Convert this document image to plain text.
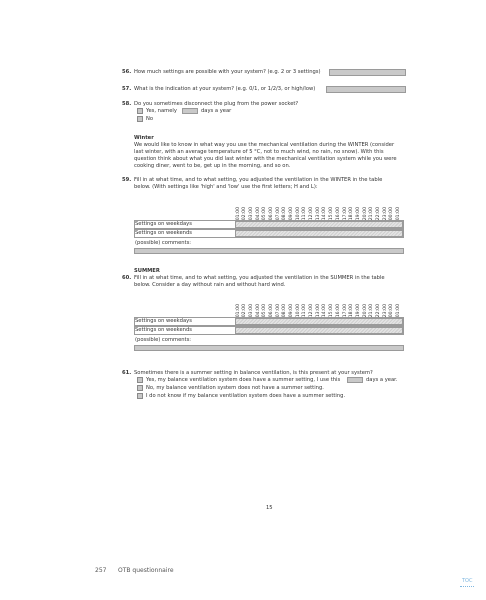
56. How much settings are possible with your system? (e.g. 2 or 3 settings)
57. What is the indication at your system? (e.g. 0/1, or 1/2/3, or high/low)
58. Do you sometimes disconnect the plug from the power socket?
Yes, namely	days a year
No
Winter
We would like to know in what way you use the mechanical ventilation during the WINTER (consider
last winter, with an average temperature of 5 °C, not to much wind, no rain, no snow). With this
question think about what you did last winter with the mechanical ventilation system while you were
cooking diner, went to be, get up in the morning, and so on.
59. Fill in at what time, and to what setting, you adjusted the ventilation in the WINTER in the table
below. (With settings like 'high' and 'low' use the first letters; H and L):
01:00 02:00 03:00 04:00 05:00 06:00 07:00 08:00 09:00 10:00 11:00 12:00 13:00 14:00 15:00 16:00 17:00 18:00 19:00 20:00 21:00 22:00 23:00 00:00 01:00
Settings on weekdays
Settings on weekends
(possible) comments:
SUMMER
60. Fill in at what time, and to what setting, you adjusted the ventilation in the SUMMER in the table
below. Consider a day without rain and without hard wind.
01:00 02:00 03:00 04:00 05:00 06:00 07:00 08:00 09:00 10:00 11:00 12:00 13:00 14:00 15:00 16:00 17:00 18:00 19:00 20:00 21:00 22:00 23:00 00:00 01:00
Settings on weekdays
Settings on weekends
(possible) comments:
61. Sometimes there is a summer setting in balance ventilation, is this present at your system?
Yes, my balance ventilation system does have a summer setting, I use this	days a year.
No, my balance ventilation system does not have a summer setting.
I do not know if my balance ventilation system does have a summer setting.
15
257 OTB questionnaire
TOC
